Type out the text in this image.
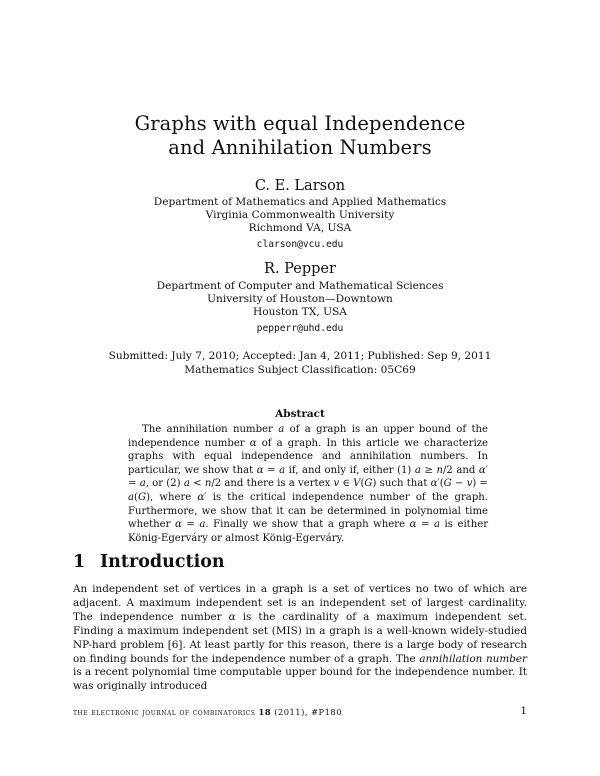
Graphs with equal Independence
and Annihilation Numbers
C. E. Larson
Department of Mathematics and Applied Mathematics
Virginia Commonwealth University
Richmond VA, USA
clarson@vcu.edu
R. Pepper
Department of Computer and Mathematical Sciences
University of Houston—Downtown
Houston TX, USA
pepperr@uhd.edu
Submitted: July 7, 2010; Accepted: Jan 4, 2011; Published: Sep 9, 2011
Mathematics Subject Classification: 05C69
Abstract

The annihilation number a of a graph is an upper bound of the independence number α of a graph. In this article we characterize graphs with equal independence and annihilation numbers. In particular, we show that α = a if, and only if, either (1) a ≥ n/2 and α′ = a, or (2) a < n/2 and there is a vertex v ∈ V(G) such that α′(G − v) = a(G), where α′ is the critical independence number of the graph. Furthermore, we show that it can be determined in polynomial time whether α = a. Finally we show that a graph where α = a is either König-Egerváry or almost König-Egerváry.

1 Introduction

An independent set of vertices in a graph is a set of vertices no two of which are adjacent. A maximum independent set is an independent set of largest cardinality. The independence number α is the cardinality of a maximum independent set. Finding a maximum independent set (MIS) in a graph is a well-known widely-studied NP-hard problem [6]. At least partly for this reason, there is a large body of research on finding bounds for the independence number of a graph. The annihilation number is a recent polynomial time computable upper bound for the independence number. It was originally introduced

the electronic journal of combinatorics 18 (2011), #P180	1
